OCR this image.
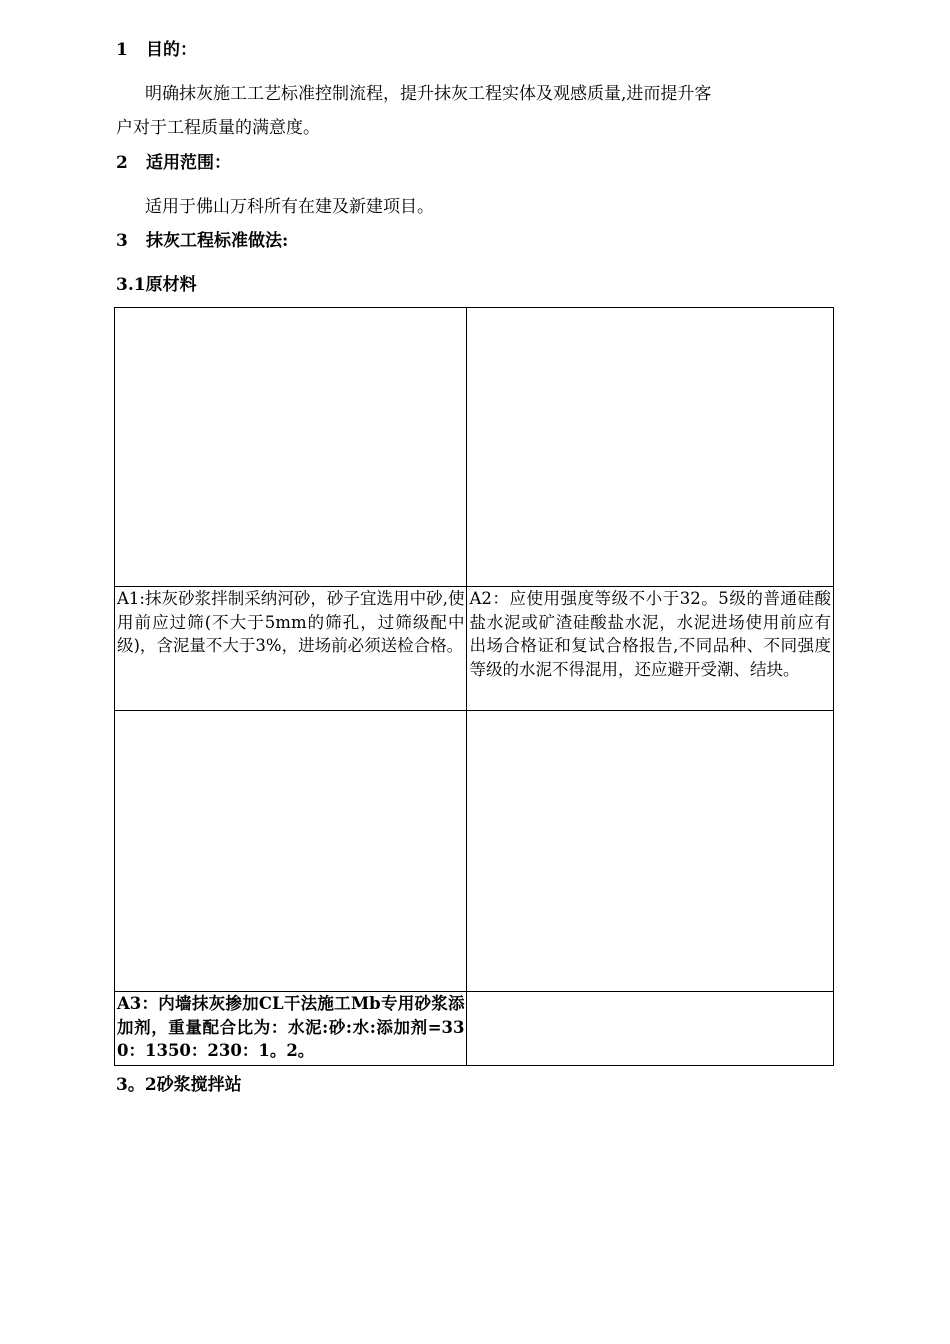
1 目的：
明确抹灰施工工艺标准控制流程，提升抹灰工程实体及观感质量,进而提升客
户对于工程质量的满意度。
2 适用范围：
适用于佛山万科所有在建及新建项目。
3 抹灰工程标准做法:
3.1原材料

A1:抹灰砂浆拌制采纳河砂，砂子宜选用中砂,使用前应过筛(不大于5mm的筛孔，过筛级配中级)，含泥量不大于3%，进场前必须送检合格。	A2：应使用强度等级不小于32。5级的普通硅酸盐水泥或矿渣硅酸盐水泥，水泥进场使用前应有出场合格证和复试合格报告,不同品种、不同强度等级的水泥不得混用，还应避开受潮、结块。

A3：内墙抹灰掺加CL干法施工Mb专用砂浆添加剂，重量配合比为：水泥:砂:水:添加剂=330：1350：230：1。2。	

3。2砂浆搅拌站
